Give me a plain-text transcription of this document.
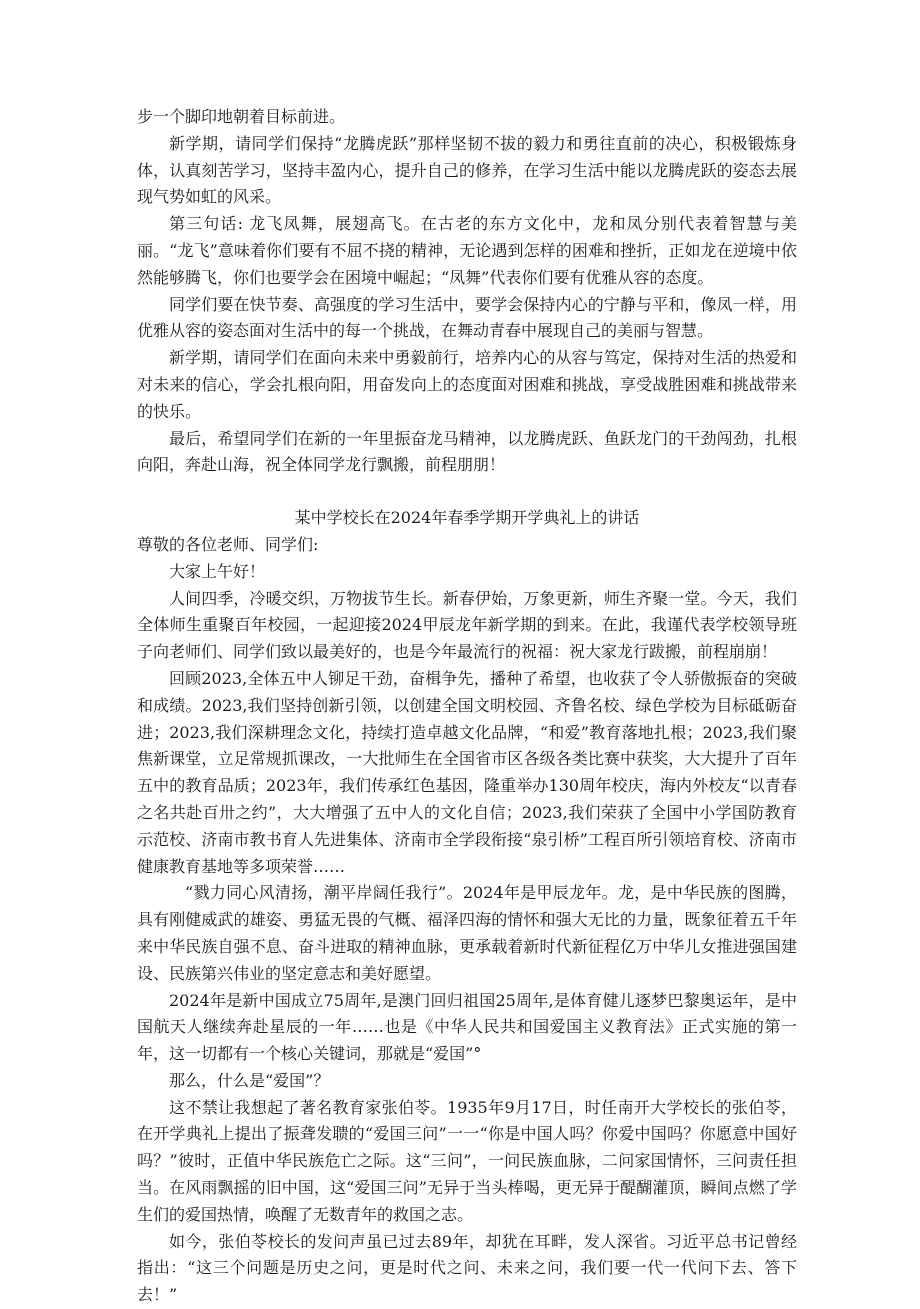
步一个脚印地朝着目标前进。

新学期，请同学们保持“龙腾虎跃”那样坚韧不拔的毅力和勇往直前的决心，积极锻炼身体，认真刻苦学习，坚持丰盈内心，提升自己的修养，在学习生活中能以龙腾虎跃的姿态去展现气势如虹的风采。

第三句话: 龙飞凤舞，展翅高飞。在古老的东方文化中，龙和凤分别代表着智慧与美丽。“龙飞”意味着你们要有不屈不挠的精神，无论遇到怎样的困难和挫折，正如龙在逆境中依然能够腾飞，你们也要学会在困境中崛起；“凤舞”代表你们要有优雅从容的态度。

同学们要在快节奏、高强度的学习生活中，要学会保持内心的宁静与平和，像凤一样，用优雅从容的姿态面对生活中的每一个挑战，在舞动青春中展现自己的美丽与智慧。

新学期，请同学们在面向未来中勇毅前行，培养内心的从容与笃定，保持对生活的热爱和对未来的信心，学会扎根向阳，用奋发向上的态度面对困难和挑战，享受战胜困难和挑战带来的快乐。

最后，希望同学们在新的一年里振奋龙马精神，以龙腾虎跃、鱼跃龙门的干劲闯劲，扎根向阳，奔赴山海，祝全体同学龙行飘搬，前程朋朋！

某中学校长在2024年春季学期开学典礼上的讲话

尊敬的各位老师、同学们:

大家上午好！

人间四季，冷暖交织，万物拔节生长。新春伊始，万象更新，师生齐聚一堂。今天，我们全体师生重聚百年校园，一起迎接2024甲辰龙年新学期的到来。在此，我谨代表学校领导班子向老师们、同学们致以最美好的，也是今年最流行的祝福：祝大家龙行跋搬，前程崩崩！

回顾2023,全体五中人铆足干劲，奋楫争先，播种了希望，也收获了令人骄傲振奋的突破和成绩。2023,我们坚持创新引领，以创建全国文明校园、齐鲁名校、绿色学校为目标砥砺奋进；2023,我们深耕理念文化，持续打造卓越文化品牌，“和爱”教育落地扎根；2023,我们聚焦新课堂，立足常规抓课改，一大批师生在全国省市区各级各类比赛中获奖，大大提升了百年五中的教育品质；2023年，我们传承红色基因，隆重举办130周年校庆，海内外校友“以青春之名共赴百卅之约”，大大增强了五中人的文化自信；2023,我们荣获了全国中小学国防教育示范校、济南市教书育人先进集体、济南市全学段衔接“泉引桥”工程百所引领培育校、济南市健康教育基地等多项荣誉……

“戮力同心风清扬，潮平岸阔任我行”。2024年是甲辰龙年。龙，是中华民族的图腾，具有刚健威武的雄姿、勇猛无畏的气概、福泽四海的情怀和强大无比的力量，既象征着五千年来中华民族自强不息、奋斗进取的精神血脉，更承载着新时代新征程亿万中华儿女推进强国建设、民族第兴伟业的坚定意志和美好愿望。

2024年是新中国成立75周年,是澳门回归祖国25周年,是体育健儿逐梦巴黎奥运年，是中国航天人继续奔赴星辰的一年……也是《中华人民共和国爱国主义教育法》正式实施的第一年，这一切都有一个核心关键词，那就是“爱国”°

那么，什么是“爱国”？

这不禁让我想起了著名教育家张伯苓。1935年9月17日，时任南开大学校长的张伯苓，在开学典礼上提出了振聋发聩的“爱国三问”一一“你是中国人吗？你爱中国吗？你愿意中国好吗？”彼时，正值中华民族危亡之际。这“三问”，一问民族血脉，二问家国情怀，三问责任担当。在风雨飘摇的旧中国，这“爱国三问”无异于当头棒喝，更无异于醍醐灌顶，瞬间点燃了学生们的爱国热情，唤醒了无数青年的救国之志。

如今，张伯苓校长的发问声虽已过去89年，却犹在耳畔，发人深省。习近平总书记曾经指出：“这三个问题是历史之问，更是时代之问、未来之问，我们要一代一代问下去、答下去！”
